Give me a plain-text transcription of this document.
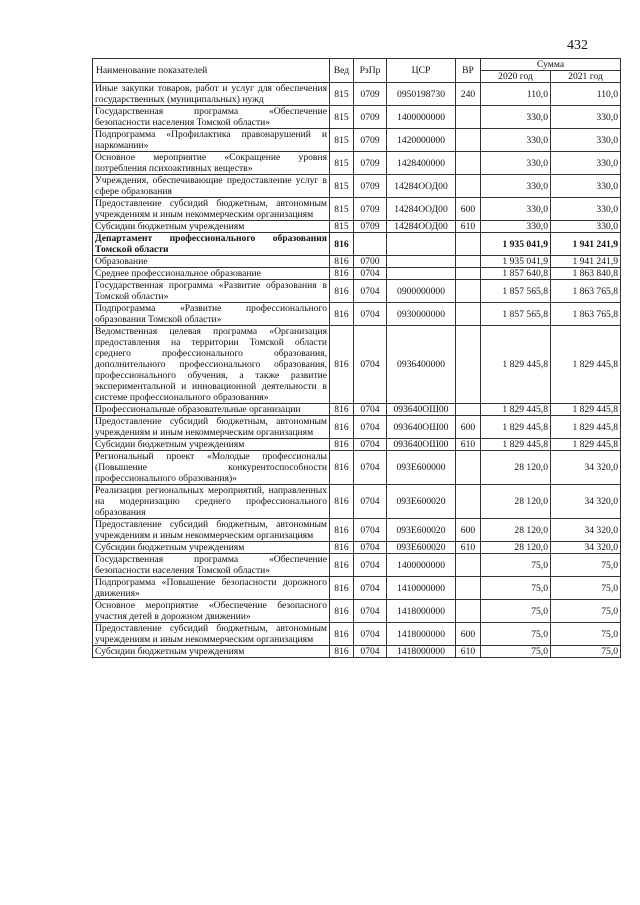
432
Наименование показателей	Вед	РзПр	ЦСР	ВР	Сумма	
					2020 год	2021 год
Иные закупки товаров, работ и услуг для обеспечения государственных (муниципальных) нужд	815	0709	0950198730	240	110,0	110,0
Государственная программа «Обеспечение безопасности населения Томской области»	815	0709	1400000000		330,0	330,0
Подпрограмма «Профилактика правонарушений и наркомании»	815	0709	1420000000		330,0	330,0
Основное мероприятие «Сокращение уровня потребления психоактивных веществ»	815	0709	1428400000		330,0	330,0
Учреждения, обеспечивающие предоставление услуг в сфере образования	815	0709	14284ООД00		330,0	330,0
Предоставление субсидий бюджетным, автономным учреждениям и иным некоммерческим организациям	815	0709	14284ООД00	600	330,0	330,0
Субсидии бюджетным учреждениям	815	0709	14284ООД00	610	330,0	330,0
Департамент профессионального образования Томской области	816				1 935 041,9	1 941 241,9
Образование	816	0700			1 935 041,9	1 941 241,9
Среднее профессиональное образование	816	0704			1 857 640,8	1 863 840,8
Государственная программа «Развитие образования в Томской области»	816	0704	0900000000		1 857 565,8	1 863 765,8
Подпрограмма «Развитие профессионального образования Томской области»	816	0704	0930000000		1 857 565,8	1 863 765,8
Ведомственная целевая программа «Организация предоставления на территории Томской области среднего профессионального образования, дополнительного профессионального образования, профессионального обучения, а также развитие экспериментальной и инновационной деятельности в системе профессионального образования»	816	0704	0936400000		1 829 445,8	1 829 445,8
Профессиональные образовательные организации	816	0704	093640ОШ00		1 829 445,8	1 829 445,8
Предоставление субсидий бюджетным, автономным учреждениям и иным некоммерческим организациям	816	0704	093640ОШ00	600	1 829 445,8	1 829 445,8
Субсидии бюджетным учреждениям	816	0704	093640ОШ00	610	1 829 445,8	1 829 445,8
Региональный проект «Молодые профессионалы (Повышение конкурентоспособности профессионального образования)»	816	0704	093E600000		28 120,0	34 320,0
Реализация региональных мероприятий, направленных на модернизацию среднего профессионального образования	816	0704	093E600020		28 120,0	34 320,0
Предоставление субсидий бюджетным, автономным учреждениям и иным некоммерческим организациям	816	0704	093E600020	600	28 120,0	34 320,0
Субсидии бюджетным учреждениям	816	0704	093E600020	610	28 120,0	34 320,0
Государственная программа «Обеспечение безопасности населения Томской области»	816	0704	1400000000		75,0	75,0
Подпрограмма «Повышение безопасности дорожного движения»	816	0704	1410000000		75,0	75,0
Основное мероприятие «Обеспечение безопасного участия детей в дорожном движении»	816	0704	1418000000		75,0	75,0
Предоставление субсидий бюджетным, автономным учреждениям и иным некоммерческим организациям	816	0704	1418000000	600	75,0	75,0
Субсидии бюджетным учреждениям	816	0704	1418000000	610	75,0	75,0
